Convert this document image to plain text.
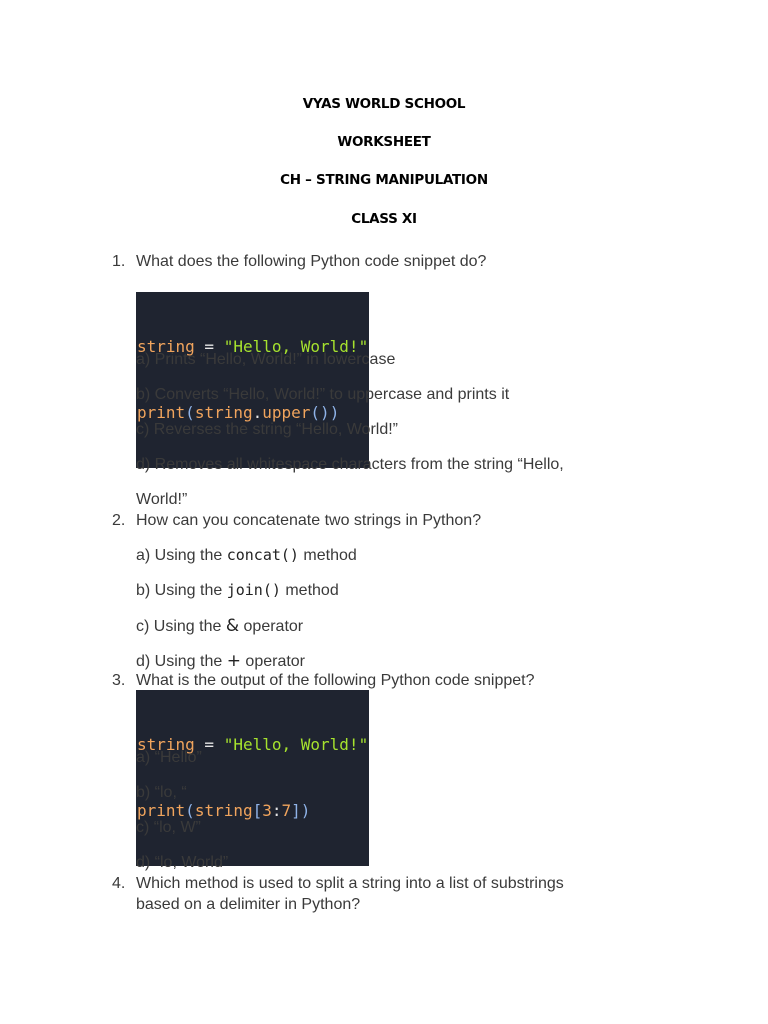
VYAS WORLD SCHOOL
WORKSHEET
CH – STRING MANIPULATION
CLASS XI
1. What does the following Python code snippet do?

string = "Hello, World!"

print(string.upper())

a) Prints “Hello, World!” in lowercase
b) Converts “Hello, World!” to uppercase and prints it
c) Reverses the string “Hello, World!”
d) Removes all whitespace characters from the string “Hello,
World!”
2. How can you concatenate two strings in Python?
a) Using the concat() method
b) Using the join() method
c) Using the & operator
d) Using the + operator
3. What is the output of the following Python code snippet?

string = "Hello, World!"

print(string[3:7])

a) “Hello”
b) “lo, “
c) “lo, W”
d) “lo, World”
4. Which method is used to split a string into a list of substrings
based on a delimiter in Python?
